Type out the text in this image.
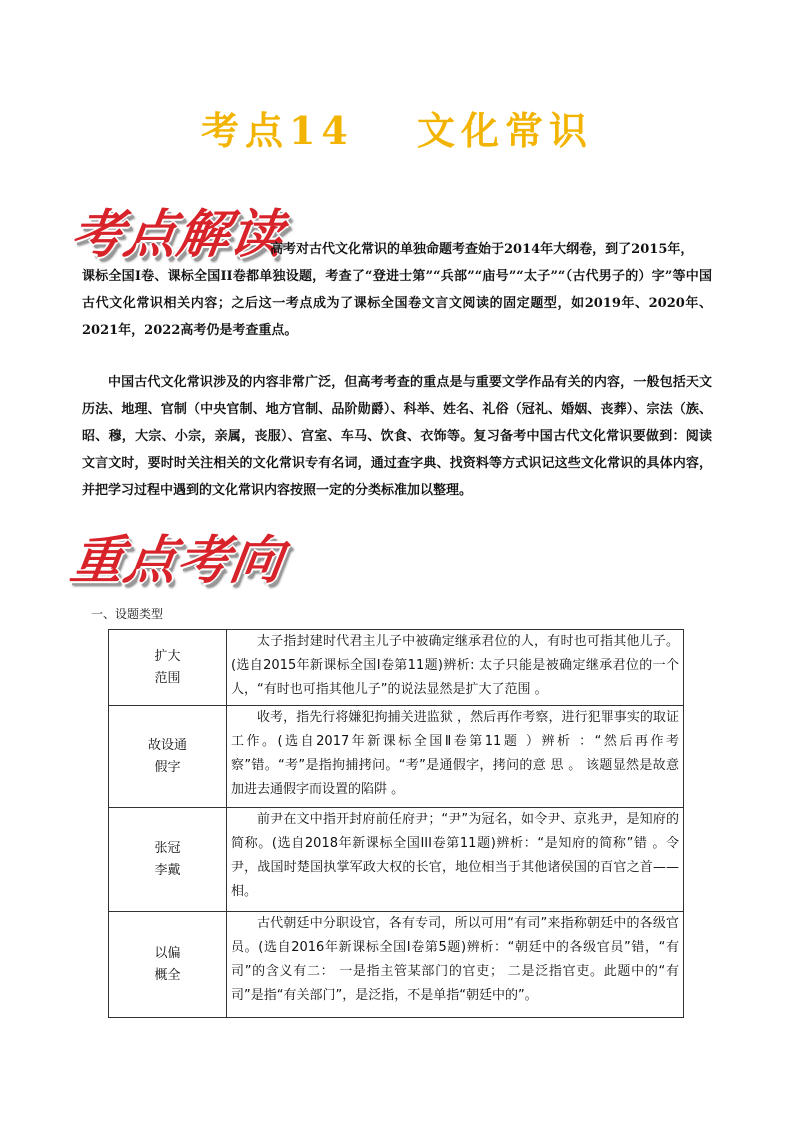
考点14　 文化常识
考点解读
高考对古代文化常识的单独命题考查始于2014年大纲卷，到了2015年，
课标全国I卷、课标全国II卷都单独设题，考查了“登进士第”“兵部”“庙号”“太子”“（古代男子的）字”等中国古代文化常识相关内容；之后这一考点成为了课标全国卷文言文阅读的固定题型，如2019年、2020年、2021年，2022高考仍是考查重点。
中国古代文化常识涉及的内容非常广泛，但高考考查的重点是与重要文学作品有关的内容，一般包括天文历法、地理、官制（中央官制、地方官制、品阶勋爵）、科举、姓名、礼俗（冠礼、婚姻、丧葬）、宗法（族、昭、穆，大宗、小宗，亲属，丧服）、宫室、车马、饮食、衣饰等。复习备考中国古代文化常识要做到：阅读文言文时，要时时关注相关的文化常识专有名词，通过查字典、找资料等方式识记这些文化常识的具体内容，并把学习过程中遇到的文化常识内容按照一定的分类标准加以整理。
重点考向
一、设题类型
扩大
范围	太子指封建时代君主儿子中被确定继承君位的人，有时也可指其他儿子。(选自2015年新课标全国I卷第11题)辨析: 太子只能是被确定继承君位的一个人，“有时也可指其他儿子”的说法显然是扩大了范围 。
故设通
假字	收考，指先行将嫌犯拘捕关进监狱 ，然后再作考察，进行犯罪事实的取证工作。(选自2017年新课标全国Ⅱ卷第11题 ）辨析 ：“然后再作考察”错。“考”是指拘捕拷问。“考”是通假字，拷问的意 思 。 该题显然是故意加进去通假字而设置的陷阱 。
张冠
李戴	前尹在文中指开封府前任府尹；“尹”为冠名，如令尹、京兆尹，是知府的简称。(选自2018年新课标全国III卷第11题)辨析：“是知府的简称”错 。令尹，战国时楚国执掌军政大权的长官，地位相当于其他诸侯国的百官之首——相。
以偏
概全	古代朝廷中分职设官，各有专司，所以可用“有司”来指称朝廷中的各级官员。(选自2016年新课标全国I卷第5题)辨析：“朝廷中的各级官员”错，“有司”的含义有二： 一是指主管某部门的官吏； 二是泛指官吏。此题中的“有司”是指“有关部门”，是泛指，不是单指“朝廷中的”。
